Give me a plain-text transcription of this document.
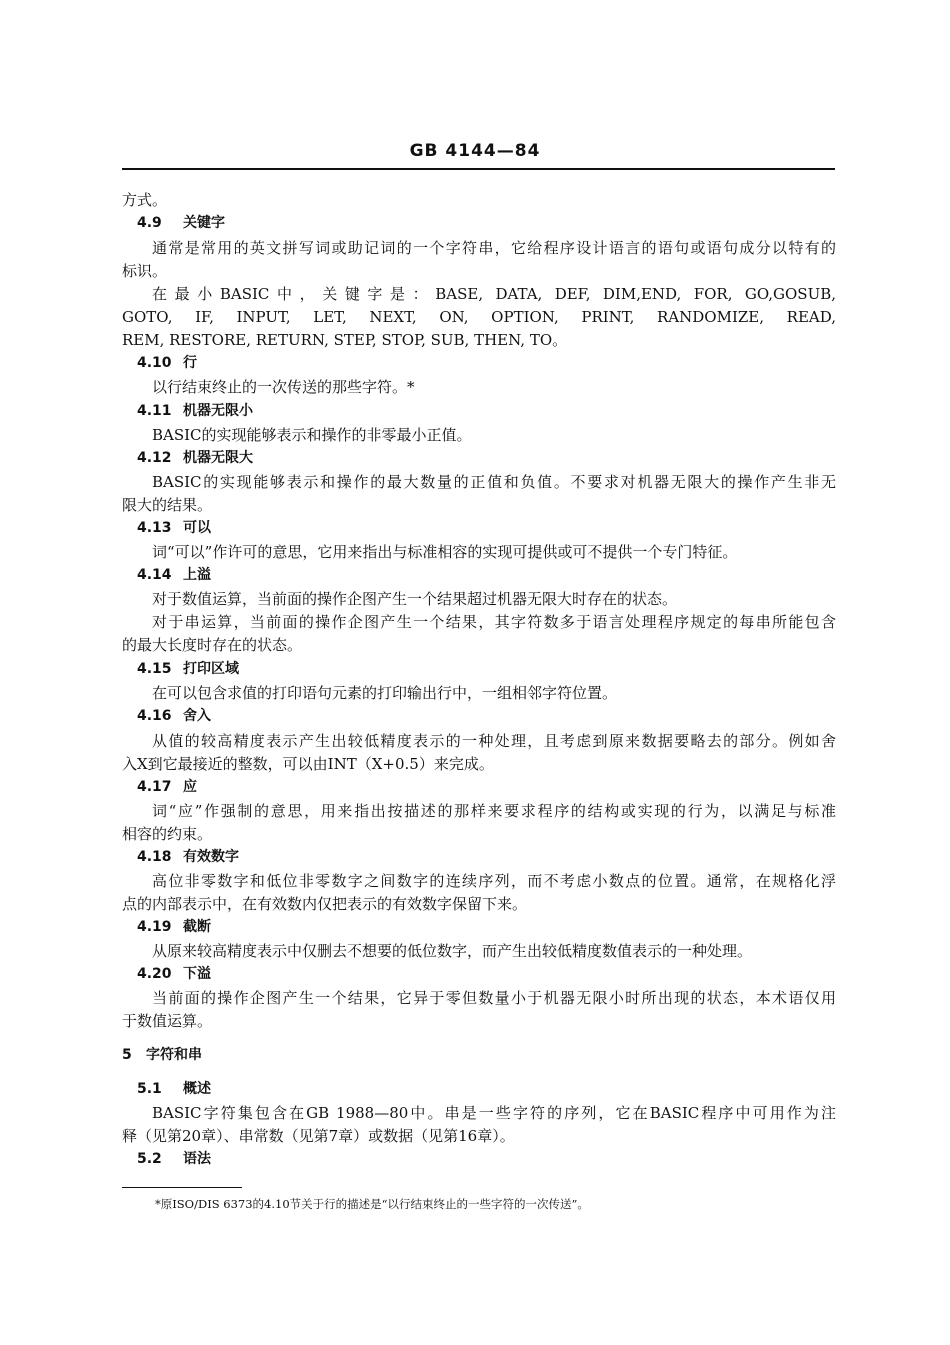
GB 4144—84
方式。
4.9 关键字
通常是常用的英文拼写词或助记词的一个字符串，它给程序设计语言的语句或语句成分以特有的
标识。
在最小BASIC中，关键字是：BASE, DATA, DEF, DIM,END, FOR, GO,GOSUB,
GOTO, IF, INPUT, LET, NEXT, ON, OPTION, PRINT, RANDOMIZE, READ,
REM, RESTORE, RETURN, STEP, STOP, SUB, THEN, TO。
4.10 行
以行结束终止的一次传送的那些字符。*
4.11 机器无限小
BASIC的实现能够表示和操作的非零最小正值。
4.12 机器无限大
BASIC的实现能够表示和操作的最大数量的正值和负值。不要求对机器无限大的操作产生非无
限大的结果。
4.13 可以
词“可以”作许可的意思，它用来指出与标准相容的实现可提供或可不提供一个专门特征。
4.14 上溢
对于数值运算，当前面的操作企图产生一个结果超过机器无限大时存在的状态。
对于串运算，当前面的操作企图产生一个结果，其字符数多于语言处理程序规定的每串所能包含
的最大长度时存在的状态。
4.15 打印区域
在可以包含求值的打印语句元素的打印输出行中，一组相邻字符位置。
4.16 舍入
从值的较高精度表示产生出较低精度表示的一种处理，且考虑到原来数据要略去的部分。例如舍
入X到它最接近的整数，可以由INT（X+0.5）来完成。
4.17 应
词“应”作强制的意思，用来指出按描述的那样来要求程序的结构或实现的行为，以满足与标准
相容的约束。
4.18 有效数字
高位非零数字和低位非零数字之间数字的连续序列，而不考虑小数点的位置。通常，在规格化浮
点的内部表示中，在有效数内仅把表示的有效数字保留下来。
4.19 截断
从原来较高精度表示中仅删去不想要的低位数字，而产生出较低精度数值表示的一种处理。
4.20 下溢
当前面的操作企图产生一个结果，它异于零但数量小于机器无限小时所出现的状态，本术语仅用
于数值运算。
5 字符和串
5.1 概述
BASIC字符集包含在GB 1988—80中。串是一些字符的序列，它在BASIC程序中可用作为注
释（见第20章）、串常数（见第7章）或数据（见第16章）。
5.2 语法
*原ISO/DIS 6373的4.10节关于行的描述是“以行结束终止的一些字符的一次传送”。
